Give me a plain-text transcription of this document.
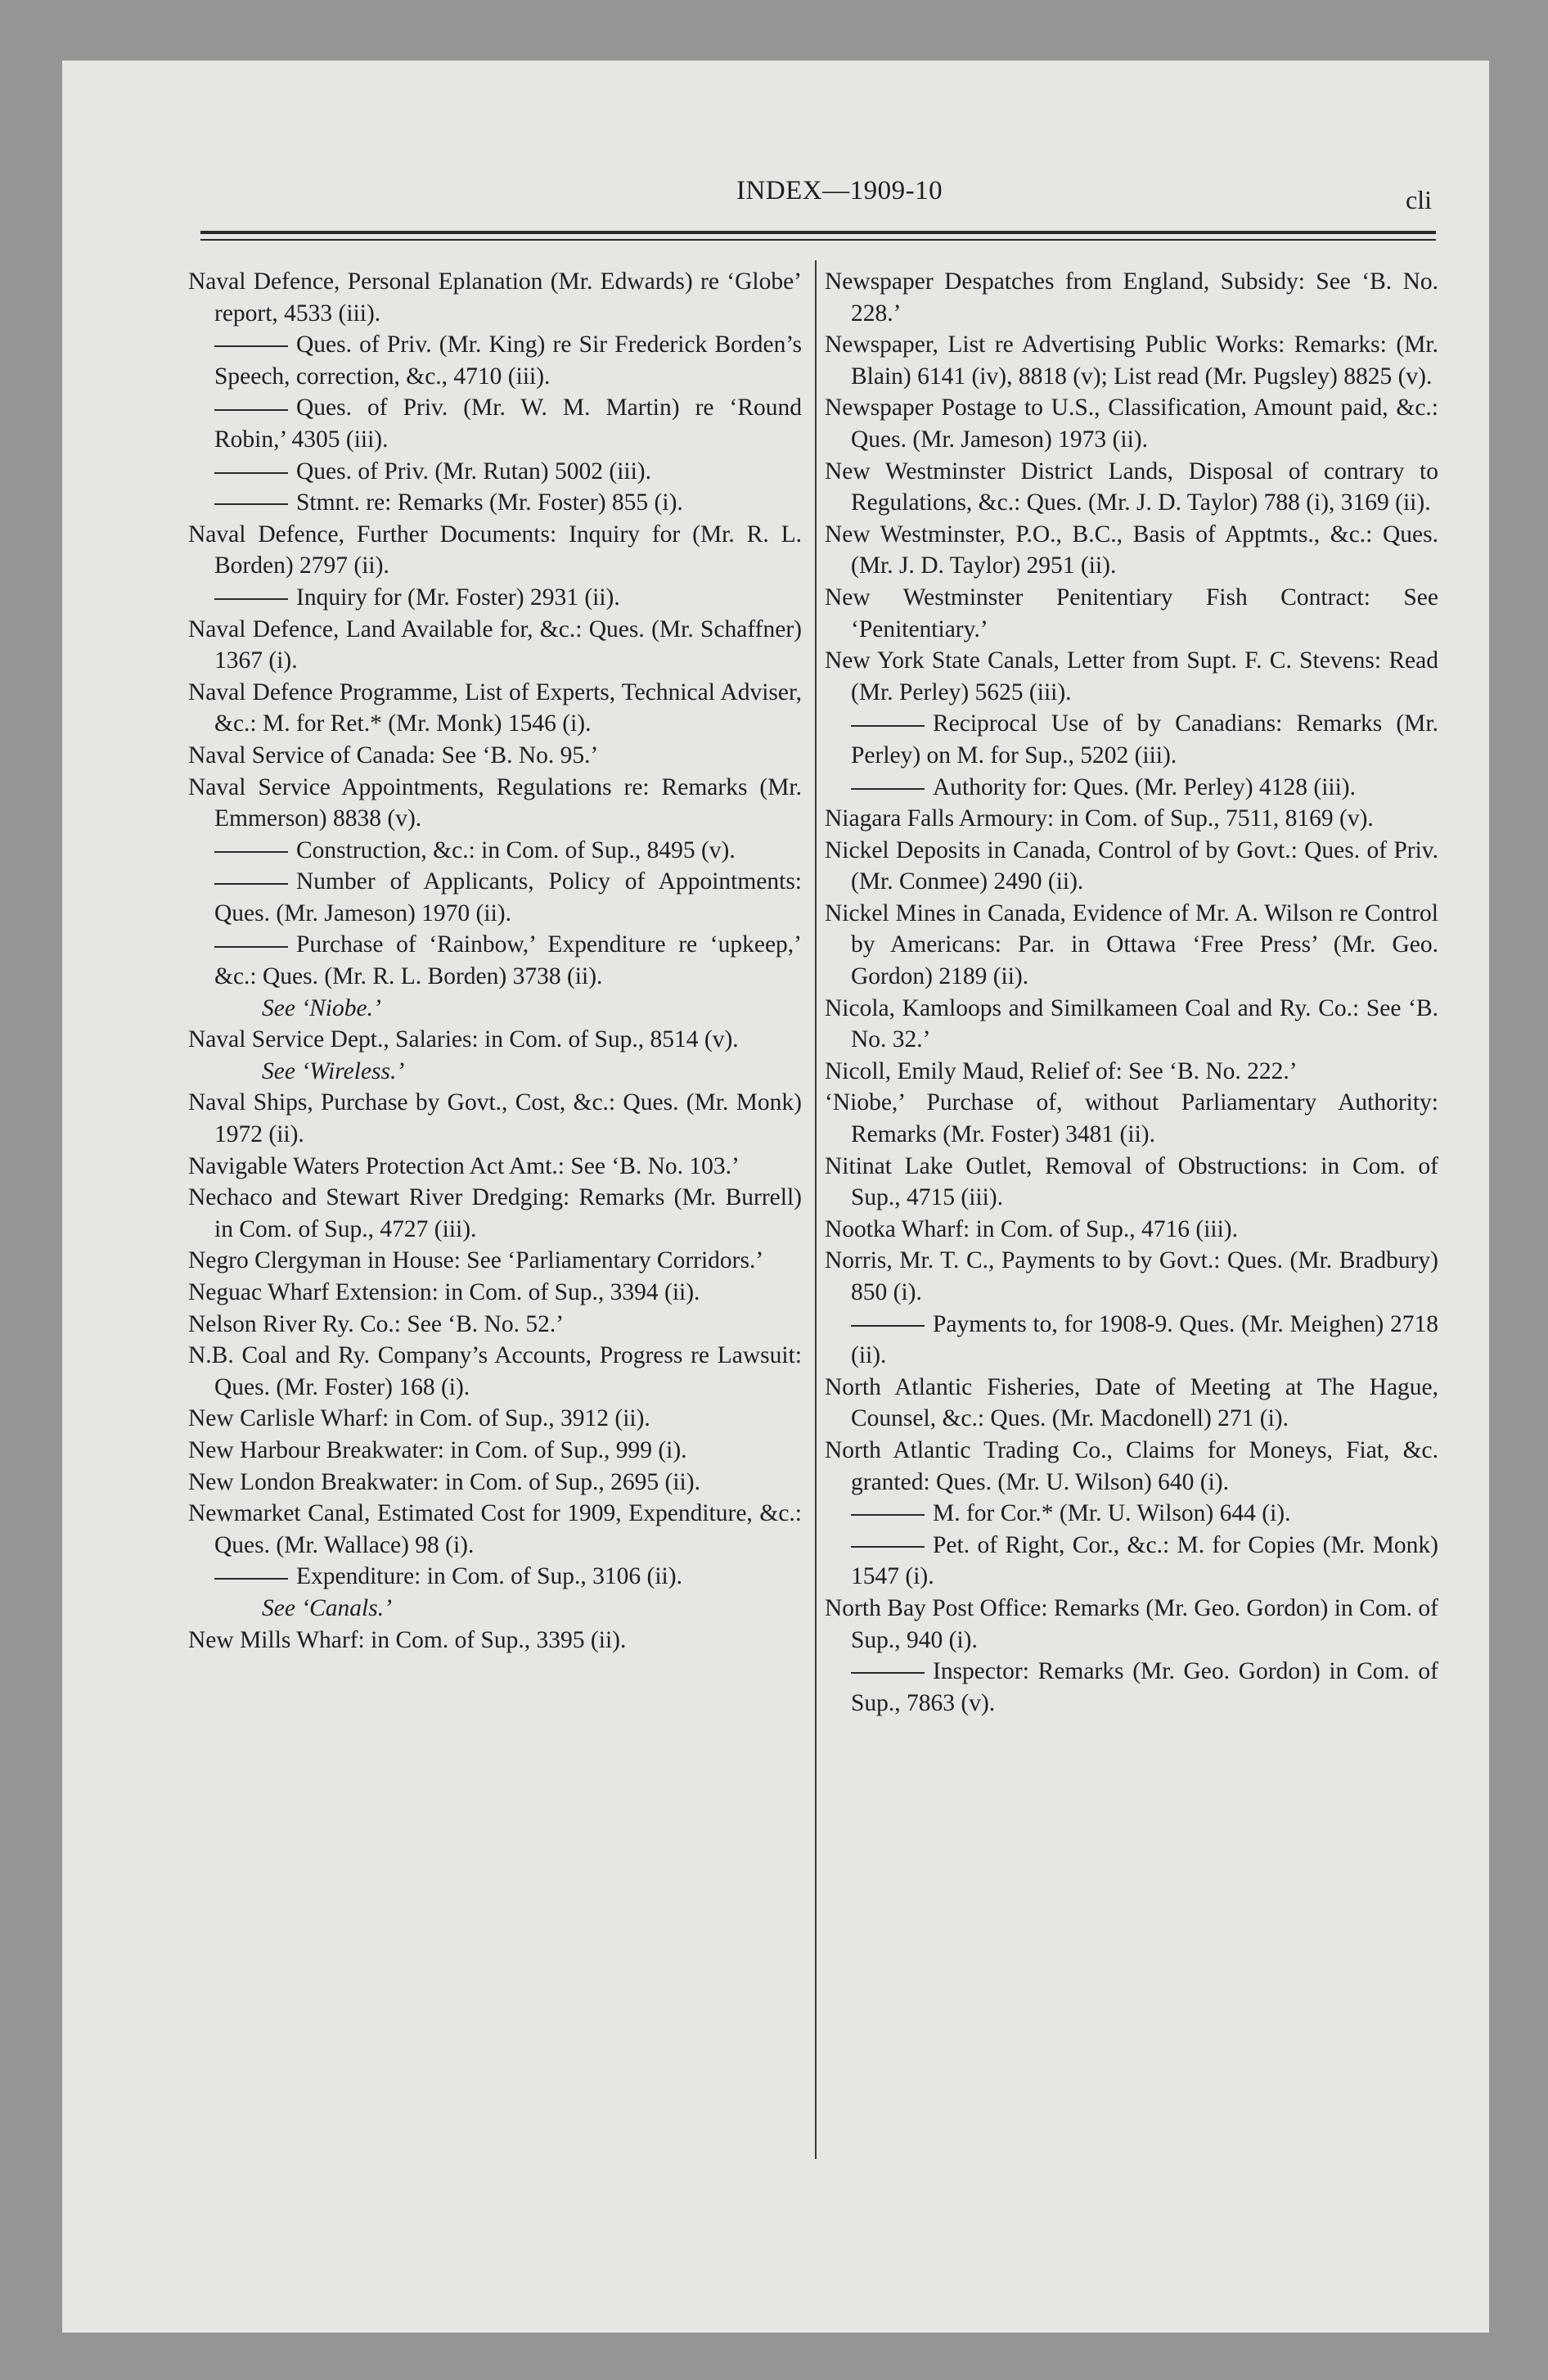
INDEX—1909-10	cli
Naval Defence, Personal Eplanation (Mr. Edwards) re ‘Globe’ report, 4533 (iii).
Ques. of Priv. (Mr. King) re Sir Frederick Borden’s Speech, correction, &c., 4710 (iii).
Ques. of Priv. (Mr. W. M. Martin) re ‘Round Robin,’ 4305 (iii).
Ques. of Priv. (Mr. Rutan) 5002 (iii).
Stmnt. re: Remarks (Mr. Foster) 855 (i).
Naval Defence, Further Documents: Inquiry for (Mr. R. L. Borden) 2797 (ii).
Inquiry for (Mr. Foster) 2931 (ii).
Naval Defence, Land Available for, &c.: Ques. (Mr. Schaffner) 1367 (i).
Naval Defence Programme, List of Experts, Technical Adviser, &c.: M. for Ret.* (Mr. Monk) 1546 (i).
Naval Service of Canada: See ‘B. No. 95.’
Naval Service Appointments, Regulations re: Remarks (Mr. Emmerson) 8838 (v).
Construction, &c.: in Com. of Sup., 8495 (v).
Number of Applicants, Policy of Appointments: Ques. (Mr. Jameson) 1970 (ii).
Purchase of ‘Rainbow,’ Expenditure re ‘upkeep,’ &c.: Ques. (Mr. R. L. Borden) 3738 (ii).
See ‘Niobe.’
Naval Service Dept., Salaries: in Com. of Sup., 8514 (v).
See ‘Wireless.’
Naval Ships, Purchase by Govt., Cost, &c.: Ques. (Mr. Monk) 1972 (ii).
Navigable Waters Protection Act Amt.: See ‘B. No. 103.’
Nechaco and Stewart River Dredging: Remarks (Mr. Burrell) in Com. of Sup., 4727 (iii).
Negro Clergyman in House: See ‘Parliamentary Corridors.’
Neguac Wharf Extension: in Com. of Sup., 3394 (ii).
Nelson River Ry. Co.: See ‘B. No. 52.’
N.B. Coal and Ry. Company’s Accounts, Progress re Lawsuit: Ques. (Mr. Foster) 168 (i).
New Carlisle Wharf: in Com. of Sup., 3912 (ii).
New Harbour Breakwater: in Com. of Sup., 999 (i).
New London Breakwater: in Com. of Sup., 2695 (ii).
Newmarket Canal, Estimated Cost for 1909, Expenditure, &c.: Ques. (Mr. Wallace) 98 (i).
Expenditure: in Com. of Sup., 3106 (ii).
See ‘Canals.’
New Mills Wharf: in Com. of Sup., 3395 (ii).
Newspaper Despatches from England, Subsidy: See ‘B. No. 228.’
Newspaper, List re Advertising Public Works: Remarks: (Mr. Blain) 6141 (iv), 8818 (v); List read (Mr. Pugsley) 8825 (v).
Newspaper Postage to U.S., Classification, Amount paid, &c.: Ques. (Mr. Jameson) 1973 (ii).
New Westminster District Lands, Disposal of contrary to Regulations, &c.: Ques. (Mr. J. D. Taylor) 788 (i), 3169 (ii).
New Westminster, P.O., B.C., Basis of Apptmts., &c.: Ques. (Mr. J. D. Taylor) 2951 (ii).
New Westminster Penitentiary Fish Contract: See ‘Penitentiary.’
New York State Canals, Letter from Supt. F. C. Stevens: Read (Mr. Perley) 5625 (iii).
Reciprocal Use of by Canadians: Remarks (Mr. Perley) on M. for Sup., 5202 (iii).
Authority for: Ques. (Mr. Perley) 4128 (iii).
Niagara Falls Armoury: in Com. of Sup., 7511, 8169 (v).
Nickel Deposits in Canada, Control of by Govt.: Ques. of Priv. (Mr. Conmee) 2490 (ii).
Nickel Mines in Canada, Evidence of Mr. A. Wilson re Control by Americans: Par. in Ottawa ‘Free Press’ (Mr. Geo. Gordon) 2189 (ii).
Nicola, Kamloops and Similkameen Coal and Ry. Co.: See ‘B. No. 32.’
Nicoll, Emily Maud, Relief of: See ‘B. No. 222.’
‘Niobe,’ Purchase of, without Parliamentary Authority: Remarks (Mr. Foster) 3481 (ii).
Nitinat Lake Outlet, Removal of Obstructions: in Com. of Sup., 4715 (iii).
Nootka Wharf: in Com. of Sup., 4716 (iii).
Norris, Mr. T. C., Payments to by Govt.: Ques. (Mr. Bradbury) 850 (i).
Payments to, for 1908-9. Ques. (Mr. Meighen) 2718 (ii).
North Atlantic Fisheries, Date of Meeting at The Hague, Counsel, &c.: Ques. (Mr. Macdonell) 271 (i).
North Atlantic Trading Co., Claims for Moneys, Fiat, &c. granted: Ques. (Mr. U. Wilson) 640 (i).
M. for Cor.* (Mr. U. Wilson) 644 (i).
Pet. of Right, Cor., &c.: M. for Copies (Mr. Monk) 1547 (i).
North Bay Post Office: Remarks (Mr. Geo. Gordon) in Com. of Sup., 940 (i).
Inspector: Remarks (Mr. Geo. Gordon) in Com. of Sup., 7863 (v).
